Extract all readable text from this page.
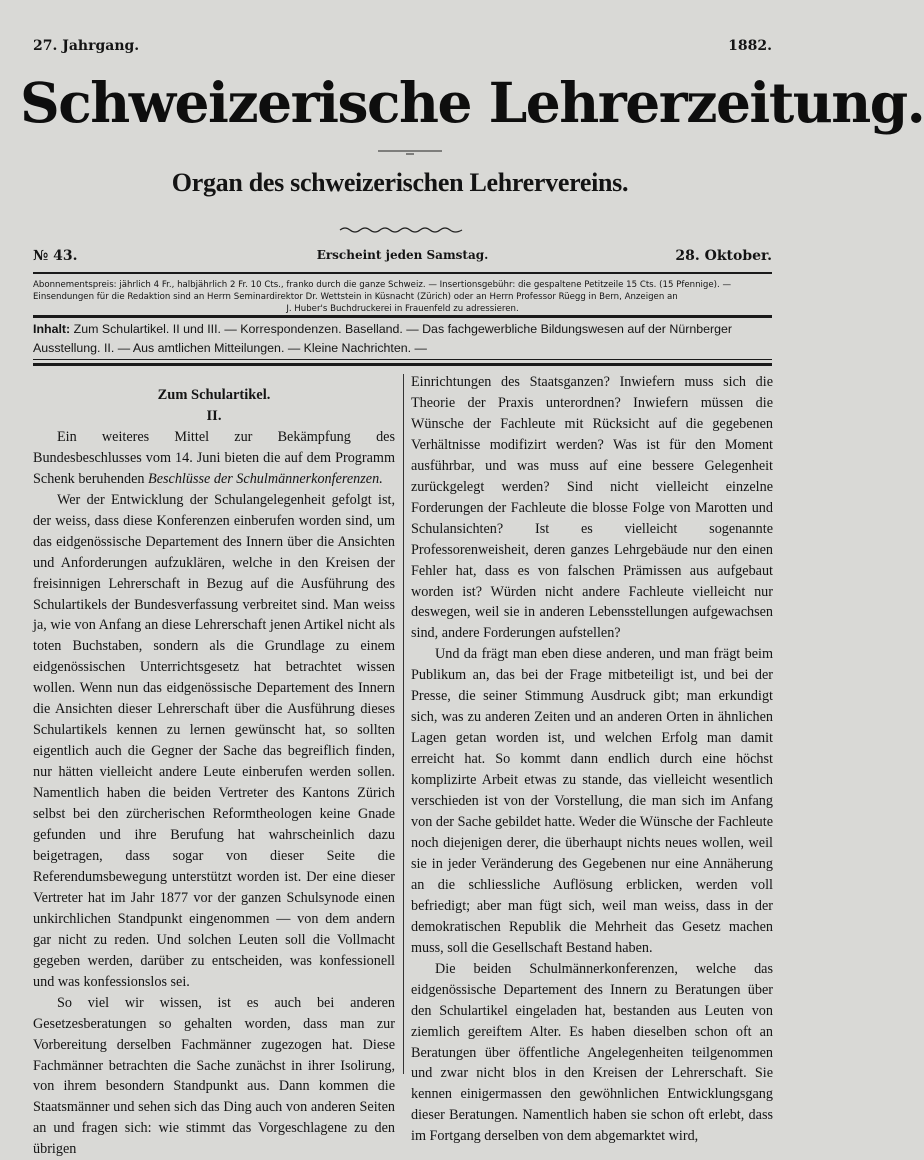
27. Jahrgang.	1882.
Schweizerische Lehrerzeitung.
Organ des schweizerischen Lehrervereins.
№ 43.	Erscheint jeden Samstag.	28. Oktober.

Abonnementspreis: jährlich 4 Fr., halbjährlich 2 Fr. 10 Cts., franko durch die ganze Schweiz. — Insertionsgebühr: die gespaltene Petitzeile 15 Cts. (15 Pfennige). —

Einsendungen für die Redaktion sind an Herrn Seminardirektor Dr. Wettstein in Küsnacht (Zürich) oder an Herrn Professor Rüegg in Bern, Anzeigen an

J. Huber's Buchdruckerei in Frauenfeld zu adressieren.

Inhalt: Zum Schulartikel. II und III. — Korrespondenzen. Baselland. — Das fachgewerbliche Bildungswesen auf der Nürnberger Ausstellung. II. — Aus amtlichen Mitteilungen. — Kleine Nachrichten. —

Zum Schulartikel.

II.

Ein weiteres Mittel zur Bekämpfung des Bundesbeschlusses vom 14. Juni bieten die auf dem Programm Schenk beruhenden Beschlüsse der Schulmännerkonferenzen.

Wer der Entwicklung der Schulangelegenheit gefolgt ist, der weiss, dass diese Konferenzen einberufen worden sind, um das eidgenössische Departement des Innern über die Ansichten und Anforderungen aufzuklären, welche in den Kreisen der freisinnigen Lehrerschaft in Bezug auf die Ausführung des Schulartikels der Bundesverfassung verbreitet sind. Man weiss ja, wie von Anfang an diese Lehrerschaft jenen Artikel nicht als toten Buchstaben, sondern als die Grundlage zu einem eidgenössischen Unterrichtsgesetz hat betrachtet wissen wollen. Wenn nun das eidgenössische Departement des Innern die Ansichten dieser Lehrerschaft über die Ausführung dieses Schulartikels kennen zu lernen gewünscht hat, so sollten eigentlich auch die Gegner der Sache das begreiflich finden, nur hätten vielleicht andere Leute einberufen werden sollen. Namentlich haben die beiden Vertreter des Kantons Zürich selbst bei den zürcherischen Reformtheologen keine Gnade gefunden und ihre Berufung hat wahrscheinlich dazu beigetragen, dass sogar von dieser Seite die Referendumsbewegung unterstützt worden ist. Der eine dieser Vertreter hat im Jahr 1877 vor der ganzen Schulsynode einen unkirchlichen Standpunkt eingenommen — von dem andern gar nicht zu reden. Und solchen Leuten soll die Vollmacht gegeben werden, darüber zu entscheiden, was konfessionell und was konfessionslos sei.

So viel wir wissen, ist es auch bei anderen Gesetzesberatungen so gehalten worden, dass man zur Vorbereitung derselben Fachmänner zugezogen hat. Diese Fachmänner betrachten die Sache zunächst in ihrer Isolirung, von ihrem besondern Standpunkt aus. Dann kommen die Staatsmänner und sehen sich das Ding auch von anderen Seiten an und fragen sich: wie stimmt das Vorgeschlagene zu den übrigen

Einrichtungen des Staatsganzen? Inwiefern muss sich die Theorie der Praxis unterordnen? Inwiefern müssen die Wünsche der Fachleute mit Rücksicht auf die gegebenen Verhältnisse modifizirt werden? Was ist für den Moment ausführbar, und was muss auf eine bessere Gelegenheit zurückgelegt werden? Sind nicht vielleicht einzelne Forderungen der Fachleute die blosse Folge von Marotten und Schulansichten? Ist es vielleicht sogenannte Professorenweisheit, deren ganzes Lehrgebäude nur den einen Fehler hat, dass es von falschen Prämissen aus aufgebaut worden ist? Würden nicht andere Fachleute vielleicht nur deswegen, weil sie in anderen Lebensstellungen aufgewachsen sind, andere Forderungen aufstellen?

Und da frägt man eben diese anderen, und man frägt beim Publikum an, das bei der Frage mitbeteiligt ist, und bei der Presse, die seiner Stimmung Ausdruck gibt; man erkundigt sich, was zu anderen Zeiten und an anderen Orten in ähnlichen Lagen getan worden ist, und welchen Erfolg man damit erreicht hat. So kommt dann endlich durch eine höchst komplizirte Arbeit etwas zu stande, das vielleicht wesentlich verschieden ist von der Vorstellung, die man sich im Anfang von der Sache gebildet hatte. Weder die Wünsche der Fachleute noch diejenigen derer, die überhaupt nichts neues wollen, weil sie in jeder Veränderung des Gegebenen nur eine Annäherung an die schliessliche Auflösung erblicken, werden voll befriedigt; aber man fügt sich, weil man weiss, dass in der demokratischen Republik die Mehrheit das Gesetz machen muss, soll die Gesellschaft Bestand haben.

Die beiden Schulmännerkonferenzen, welche das eidgenössische Departement des Innern zu Beratungen über den Schulartikel eingeladen hat, bestanden aus Leuten von ziemlich gereiftem Alter. Es haben dieselben schon oft an Beratungen über öffentliche Angelegenheiten teilgenommen und zwar nicht blos in den Kreisen der Lehrerschaft. Sie kennen einigermassen den gewöhnlichen Entwicklungsgang dieser Beratungen. Namentlich haben sie schon oft erlebt, dass im Fortgang derselben von dem abgemarktet wird,
